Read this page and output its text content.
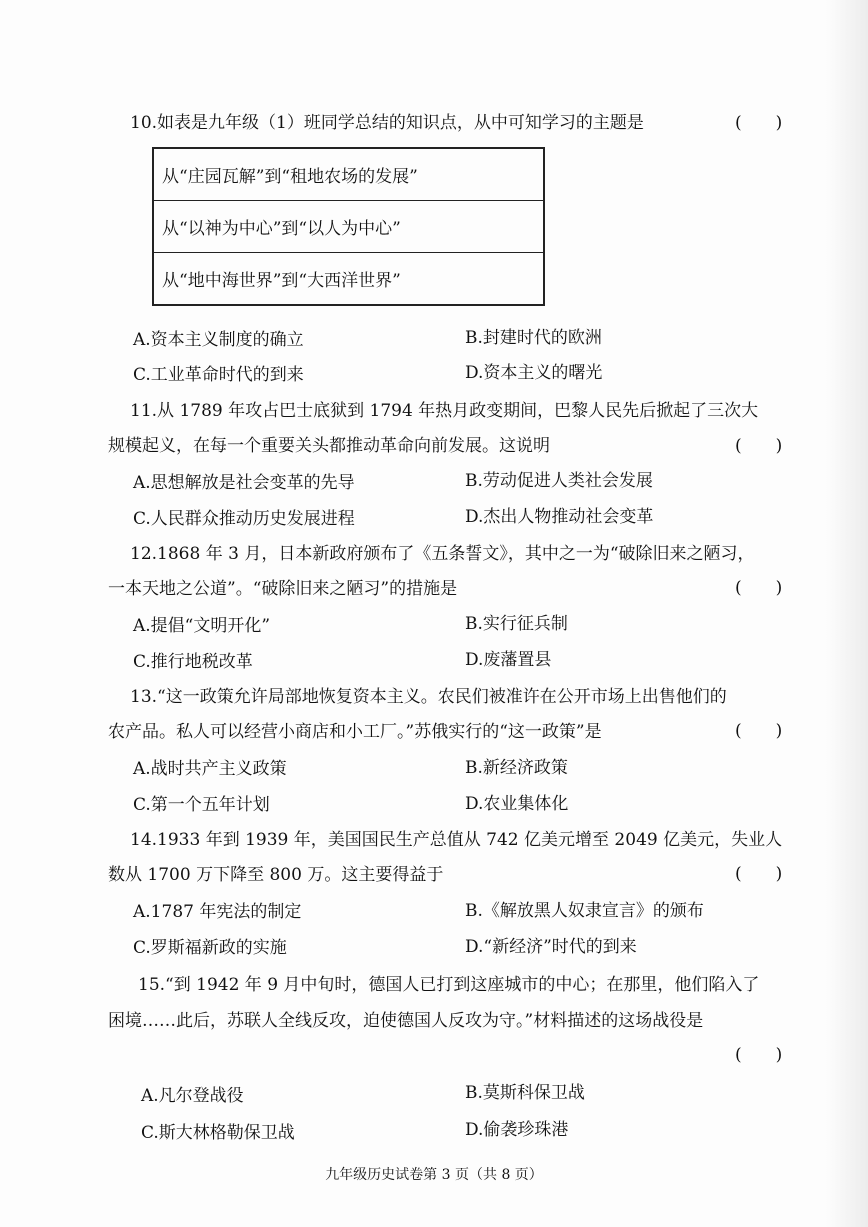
10.如表是九年级（1）班同学总结的知识点，从中可知学习的主题是	(　　)
从“庄园瓦解”到“租地农场的发展”
从“以神为中心”到“以人为中心”
从“地中海世界”到“大西洋世界”
A.资本主义制度的确立	B.封建时代的欧洲
C.工业革命时代的到来	D.资本主义的曙光
11.从 1789 年攻占巴士底狱到 1794 年热月政变期间，巴黎人民先后掀起了三次大
规模起义，在每一个重要关头都推动革命向前发展。这说明	(　　)
A.思想解放是社会变革的先导	B.劳动促进人类社会发展
C.人民群众推动历史发展进程	D.杰出人物推动社会变革
12.1868 年 3 月，日本新政府颁布了《五条誓文》，其中之一为“破除旧来之陋习，
一本天地之公道”。“破除旧来之陋习”的措施是	(　　)
A.提倡“文明开化”	B.实行征兵制
C.推行地税改革	D.废藩置县
13.“这一政策允许局部地恢复资本主义。农民们被准许在公开市场上出售他们的
农产品。私人可以经营小商店和小工厂。”苏俄实行的“这一政策”是	(　　)
A.战时共产主义政策	B.新经济政策
C.第一个五年计划	D.农业集体化
14.1933 年到 1939 年，美国国民生产总值从 742 亿美元增至 2049 亿美元，失业人
数从 1700 万下降至 800 万。这主要得益于	(　　)
A.1787 年宪法的制定	B.《解放黑人奴隶宣言》的颁布
C.罗斯福新政的实施	D.“新经济”时代的到来
15.“到 1942 年 9 月中旬时，德国人已打到这座城市的中心；在那里，他们陷入了
困境……此后，苏联人全线反攻，迫使德国人反攻为守。”材料描述的这场战役是
(　　)
A.凡尔登战役	B.莫斯科保卫战
C.斯大林格勒保卫战	D.偷袭珍珠港
九年级历史试卷第 3 页（共 8 页）
